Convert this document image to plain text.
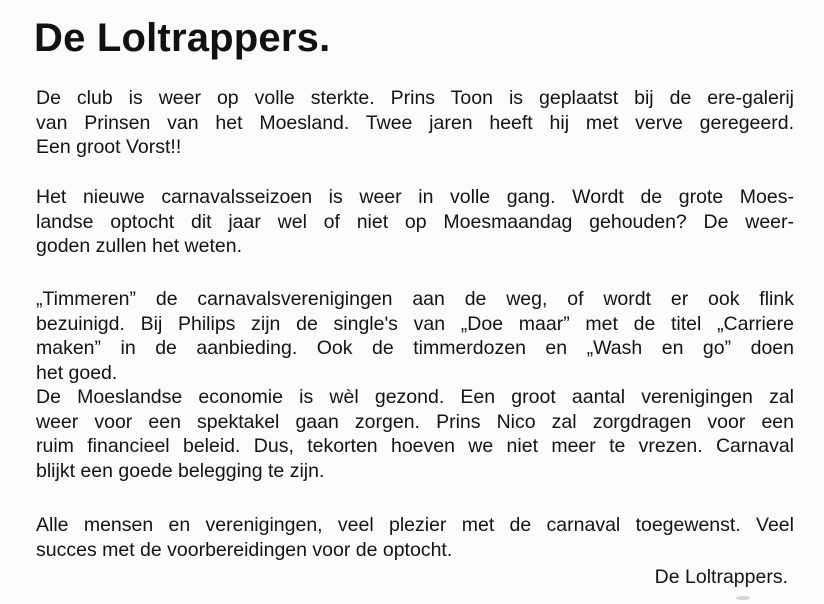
De Loltrappers.
De club is weer op volle sterkte. Prins Toon is geplaatst bij de ere-galerij
van Prinsen van het Moesland. Twee jaren heeft hij met verve geregeerd.
Een groot Vorst!!
Het nieuwe carnavalsseizoen is weer in volle gang. Wordt de grote Moes-
landse optocht dit jaar wel of niet op Moesmaandag gehouden? De weer-
goden zullen het weten.
„Timmeren” de carnavalsverenigingen aan de weg, of wordt er ook flink
bezuinigd. Bij Philips zijn de single's van „Doe maar” met de titel „Carriere
maken” in de aanbieding. Ook de timmerdozen en „Wash en go” doen
het goed.
De Moeslandse economie is wèl gezond. Een groot aantal verenigingen zal
weer voor een spektakel gaan zorgen. Prins Nico zal zorgdragen voor een
ruim financieel beleid. Dus, tekorten hoeven we niet meer te vrezen. Carnaval
blijkt een goede belegging te zijn.
Alle mensen en verenigingen, veel plezier met de carnaval toegewenst. Veel
succes met de voorbereidingen voor de optocht.
De Loltrappers.
